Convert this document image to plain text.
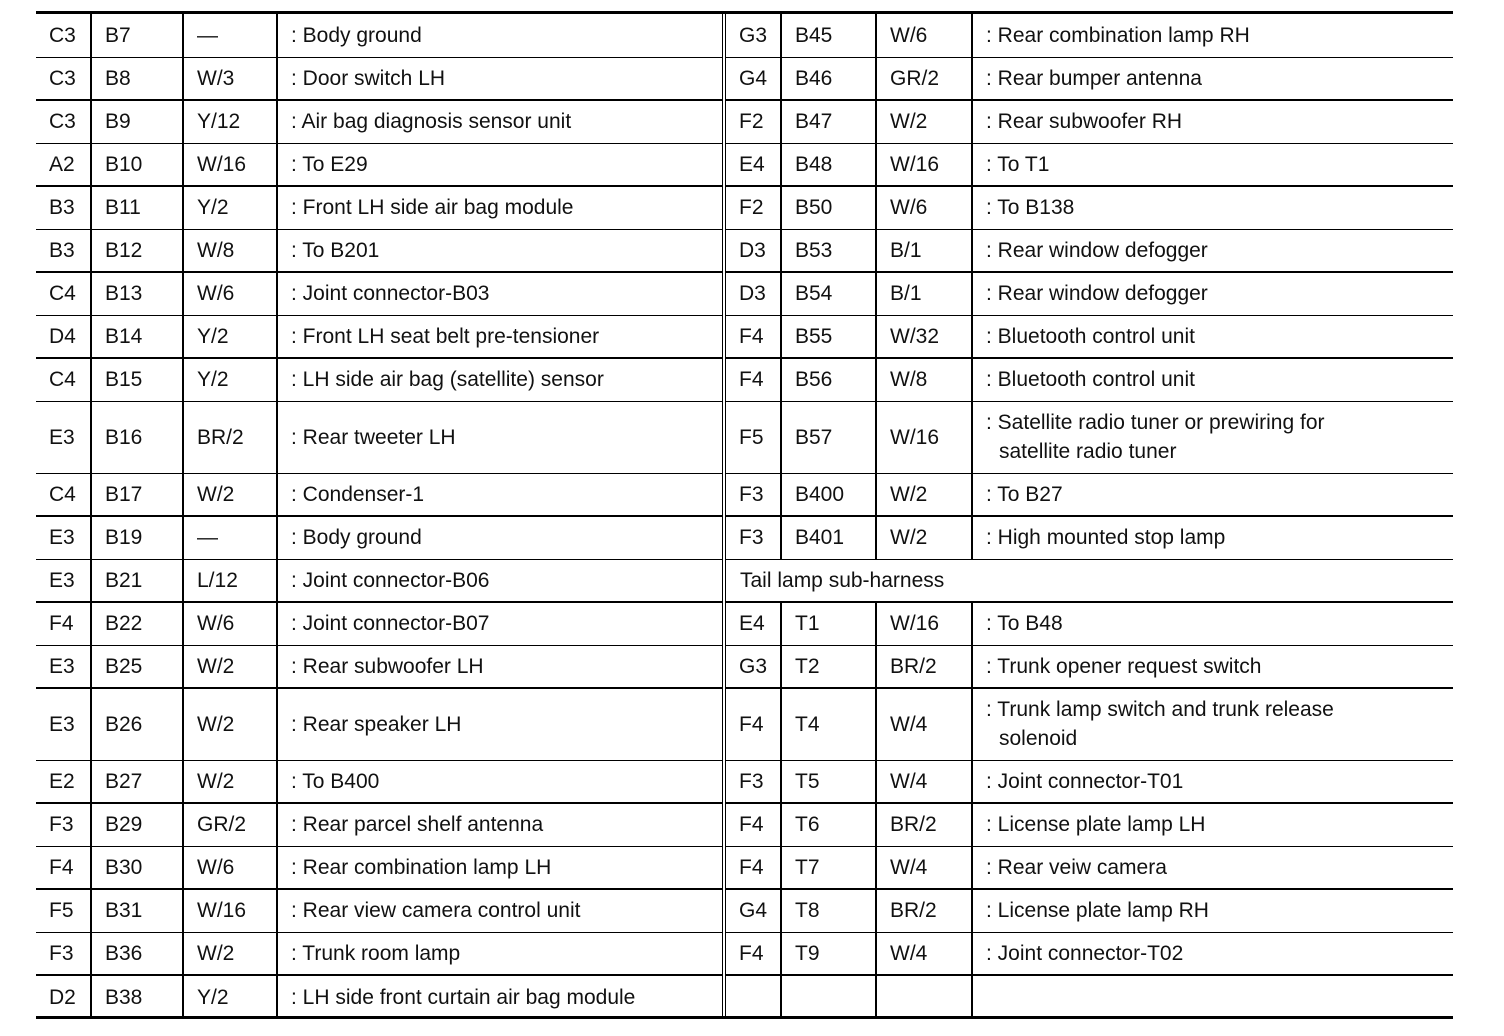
C3	B7	—	: Body ground
C3	B8	W/3	: Door switch LH
C3	B9	Y/12	: Air bag diagnosis sensor unit
A2	B10	W/16	: To E29
B3	B11	Y/2	: Front LH side air bag module
B3	B12	W/8	: To B201
C4	B13	W/6	: Joint connector-B03
D4	B14	Y/2	: Front LH seat belt pre-tensioner
C4	B15	Y/2	: LH side air bag (satellite) sensor
E3	B16	BR/2	: Rear tweeter LH
C4	B17	W/2	: Condenser-1
E3	B19	—	: Body ground
E3	B21	L/12	: Joint connector-B06
F4	B22	W/6	: Joint connector-B07
E3	B25	W/2	: Rear subwoofer LH
E3	B26	W/2	: Rear speaker LH
E2	B27	W/2	: To B400
F3	B29	GR/2	: Rear parcel shelf antenna
F4	B30	W/6	: Rear combination lamp LH
F5	B31	W/16	: Rear view camera control unit
F3	B36	W/2	: Trunk room lamp
D2	B38	Y/2	: LH side front curtain air bag module
G3	B45	W/6	: Rear combination lamp RH
G4	B46	GR/2	: Rear bumper antenna
F2	B47	W/2	: Rear subwoofer RH
E4	B48	W/16	: To T1
F2	B50	W/6	: To B138
D3	B53	B/1	: Rear window defogger
D3	B54	B/1	: Rear window defogger
F4	B55	W/32	: Bluetooth control unit
F4	B56	W/8	: Bluetooth control unit
F5	B57	W/16	: Satellite radio tuner or prewiring for
satellite radio tuner

F3	B400	W/2	: To B27
F3	B401	W/2	: High mounted stop lamp
Tail lamp sub-harness			
E4	T1	W/16	: To B48
G3	T2	BR/2	: Trunk opener request switch
F4	T4	W/4	: Trunk lamp switch and trunk release
solenoid

F3	T5	W/4	: Joint connector-T01
F4	T6	BR/2	: License plate lamp LH
F4	T7	W/4	: Rear veiw camera
G4	T8	BR/2	: License plate lamp RH
F4	T9	W/4	: Joint connector-T02
